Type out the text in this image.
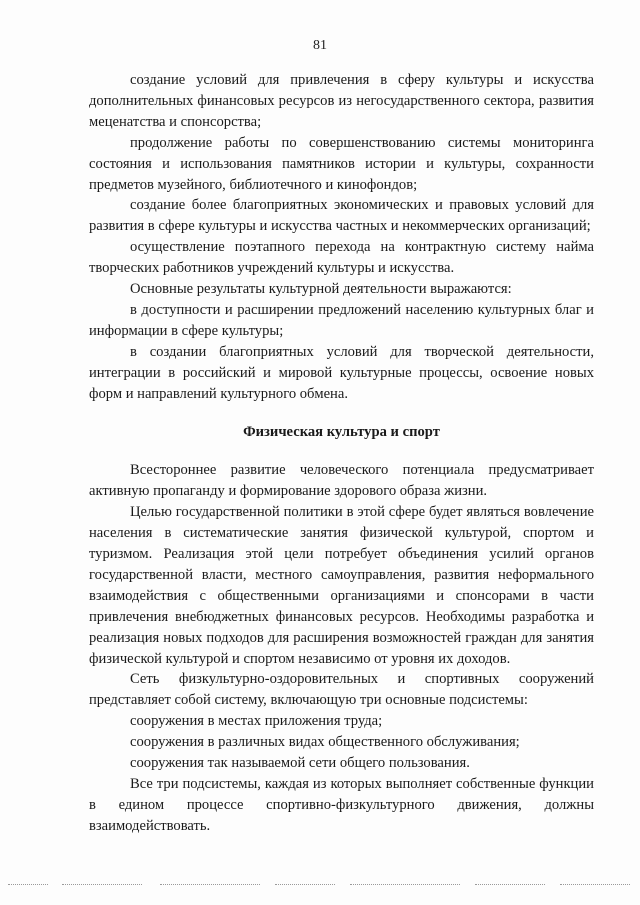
81

создание условий для привлечения в сферу культуры и искусства дополнительных финансовых ресурсов из негосударственного сектора, развития меценатства и спонсорства;

продолжение работы по совершенствованию системы мониторинга состояния и использования памятников истории и культуры, сохранности предметов музейного, библиотечного и кинофондов;

создание более благоприятных экономических и правовых условий для развития в сфере культуры и искусства частных и некоммерческих организаций;

осуществление поэтапного перехода на контрактную систему найма творческих работников учреждений культуры и искусства.

Основные результаты культурной деятельности выражаются:

в доступности и расширении предложений населению культурных благ и информации в сфере культуры;

в создании благоприятных условий для творческой деятельности, интеграции в российский и мировой культурные процессы, освоение новых форм и направлений культурного обмена.

Физическая культура и спорт

Всестороннее развитие человеческого потенциала предусматривает активную пропаганду и формирование здорового образа жизни.

Целью государственной политики в этой сфере будет являться вовлечение населения в систематические занятия физической культурой, спортом и туризмом. Реализация этой цели потребует объединения усилий органов государственной власти, местного самоуправления, развития неформального взаимодействия с общественными организациями и спонсорами в части привлечения внебюджетных финансовых ресурсов. Необходимы разработка и реализация новых подходов для расширения возможностей граждан для занятия физической культурой и спортом независимо от уровня их доходов.

Сеть физкультурно-оздоровительных и спортивных сооружений представляет собой систему, включающую три основные подсистемы:

сооружения в местах приложения труда;

сооружения в различных видах общественного обслуживания;

сооружения так называемой сети общего пользования.

Все три подсистемы, каждая из которых выполняет собственные функции в едином процессе спортивно-физкультурного движения, должны взаимодействовать.
